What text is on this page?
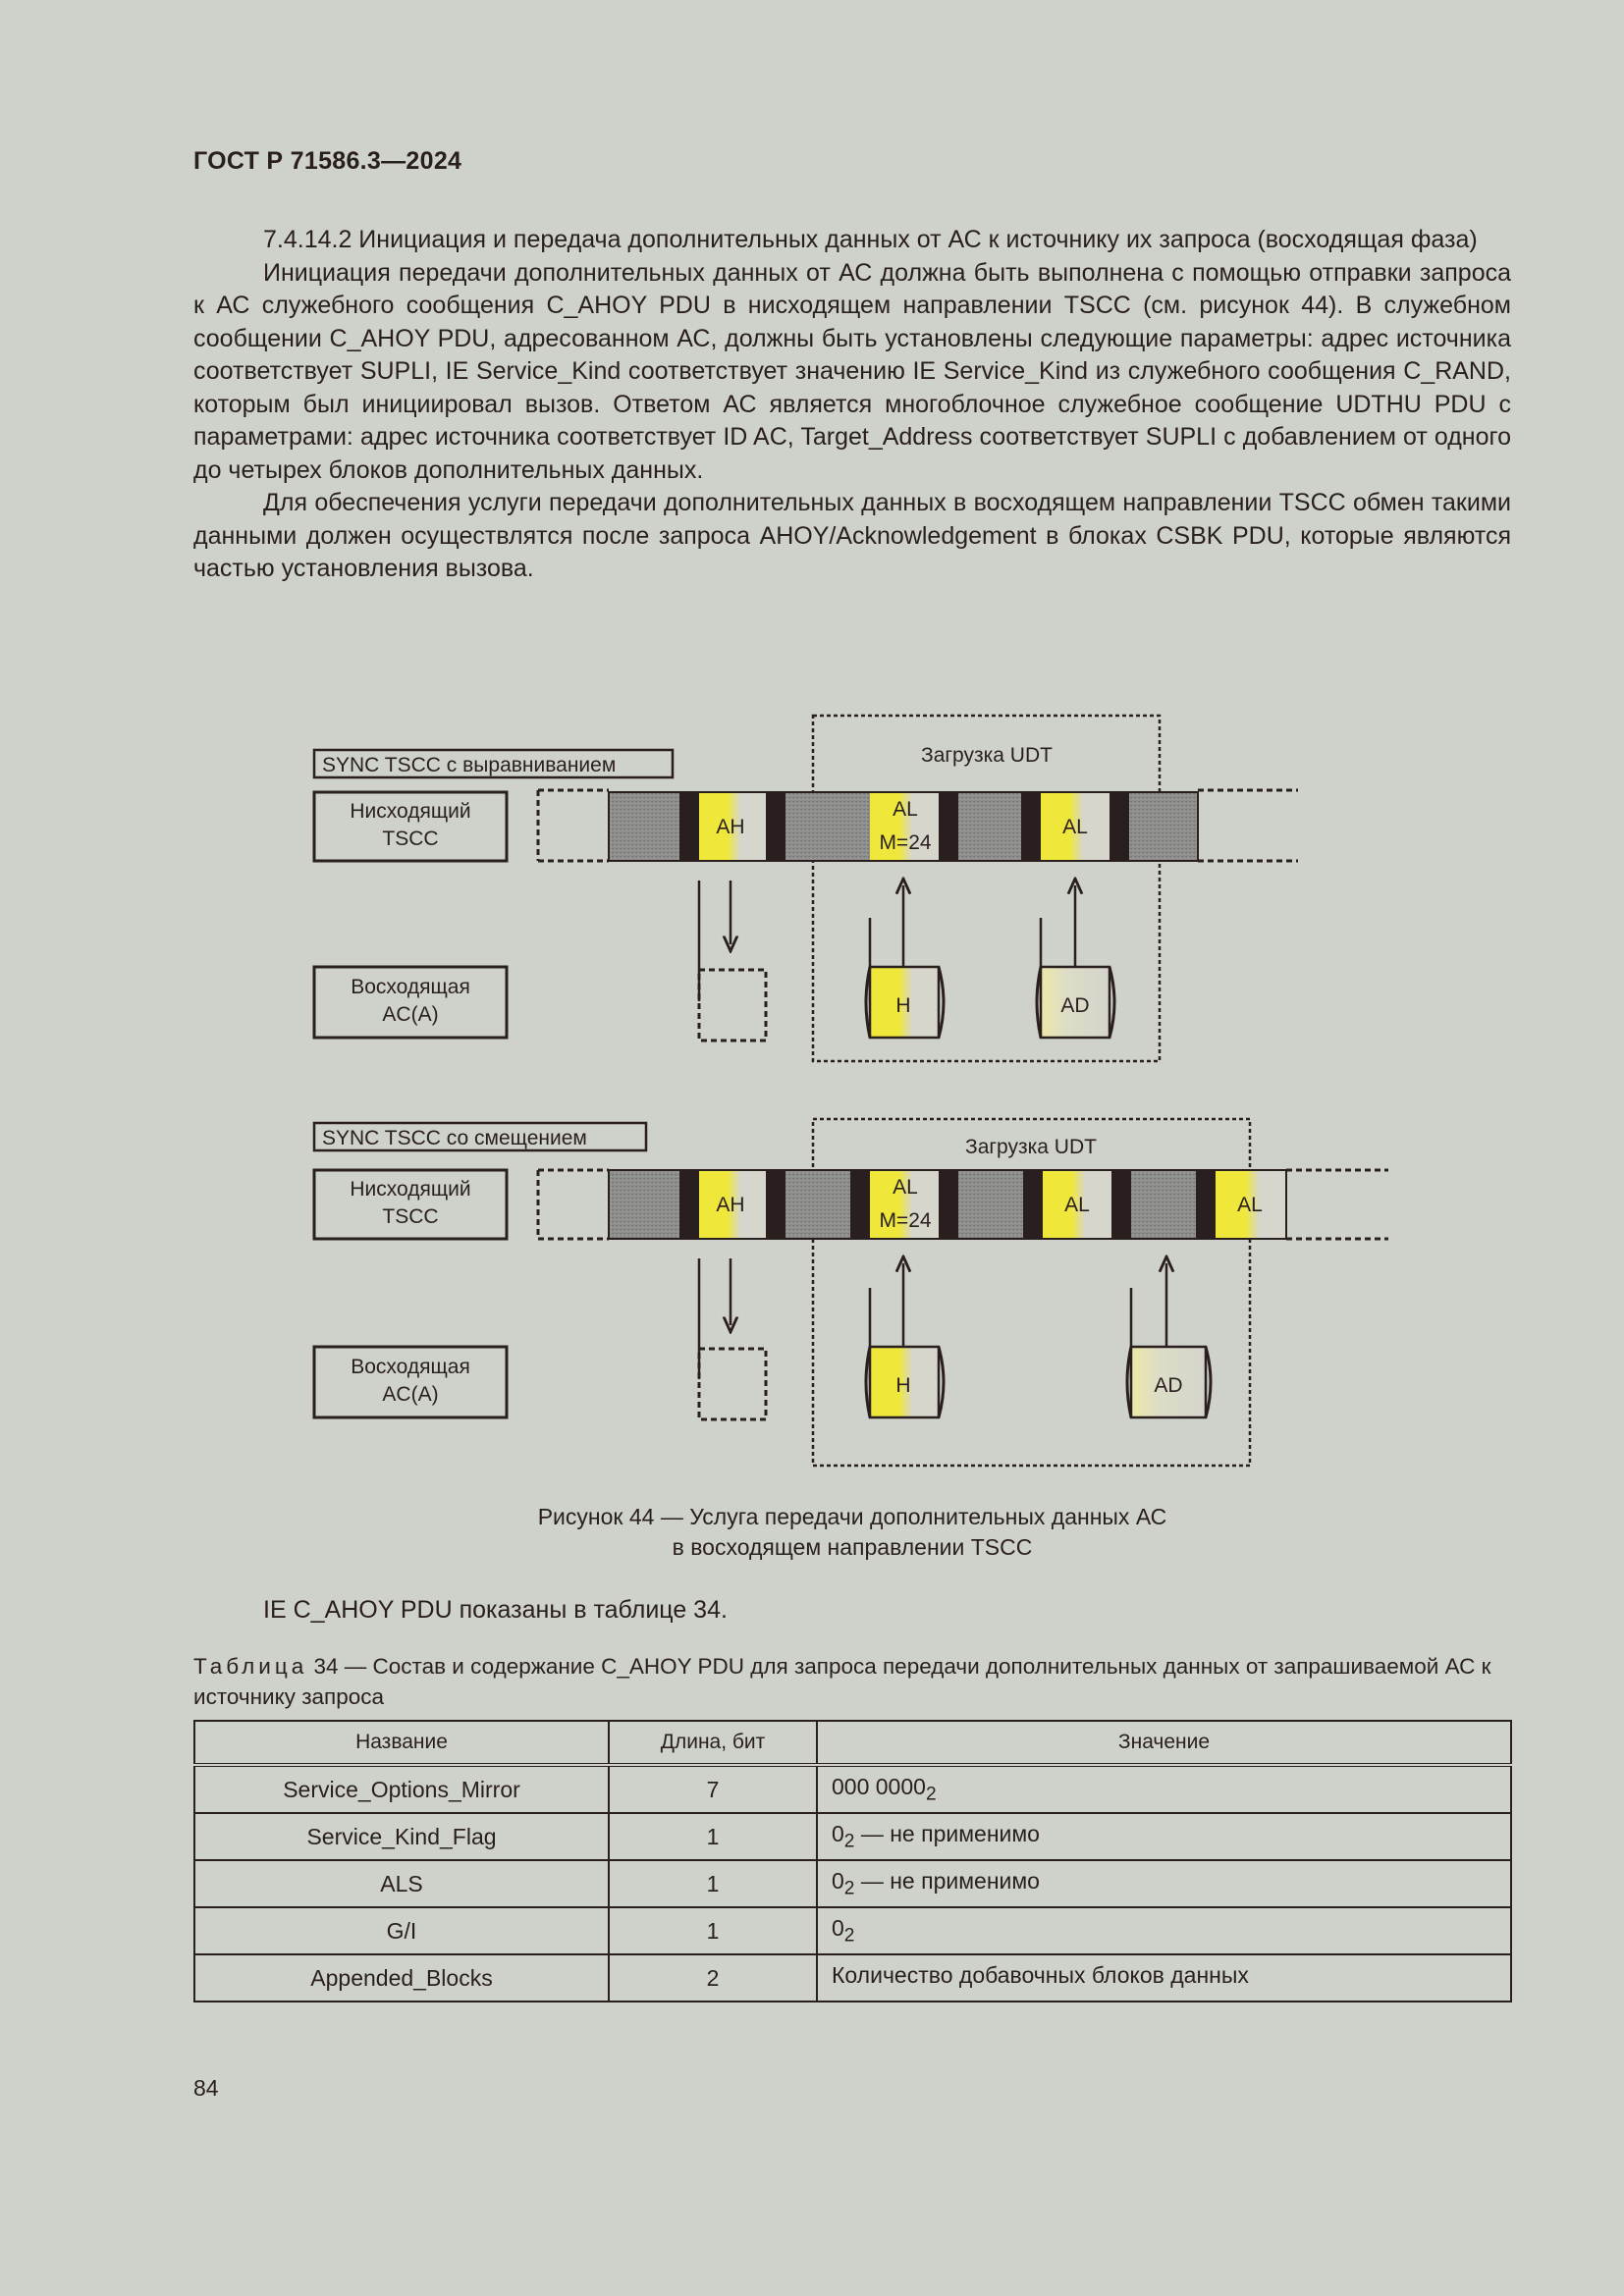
ГОСТ Р 71586.3—2024

7.4.14.2 Инициация и передача дополнительных данных от АС к источнику их запроса (восходящая фаза)

Инициация передачи дополнительных данных от АС должна быть выполнена с помощью отправки запроса к АС служебного сообщения C_AHOY PDU в нисходящем направлении TSCC (см. рисунок 44). В служебном сообщении C_AHOY PDU, адресованном АС, должны быть установлены следующие параметры: адрес источника соответствует SUPLI, IE Service_Kind соответствует значению IE Service_Kind из служебного сообщения C_RAND, которым был инициировал вызов. Ответом АС является многоблочное служебное сообщение UDTHU PDU с параметрами: адрес источника соответствует ID AC, Target_Address соответствует SUPLI с добавлением от одного до четырех блоков дополнительных данных.

Для обеспечения услуги передачи дополнительных данных в восходящем направлении TSCC обмен такими данными должен осуществлятся после запроса AHOY/Acknowledgement в блоках CSBK PDU, которые являются частью установления вызова.

SYNC TSCC с выравниванием	Загрузка UDT
Нисходящий
TSCC
Восходящая
AC(A)
AH
AL
M=24
AL
H	AD
SYNC TSCC со смещением	Загрузка UDT
Нисходящий
TSCC
Восходящая
AC(A)
AH
AL
M=24
AL	AL
H	AD
Рисунок 44 — Услуга передачи дополнительных данных АС
в восходящем направлении TSCC
IE C_AHOY PDU показаны в таблице 34.
Таблица 34 — Состав и содержание C_AHOY PDU для запроса передачи дополнительных данных от запрашиваемой АС к источнику запроса
Название	Длина, бит	Значение
Service_Options_Mirror	7	000 $0000_2$
Service_Kind_Flag	1	$0_2$ — не применимо
ALS	1	$0_2$ — не применимо
G/I	1	$0_2$
Appended_Blocks	2	Количество добавочных блоков данных
84
